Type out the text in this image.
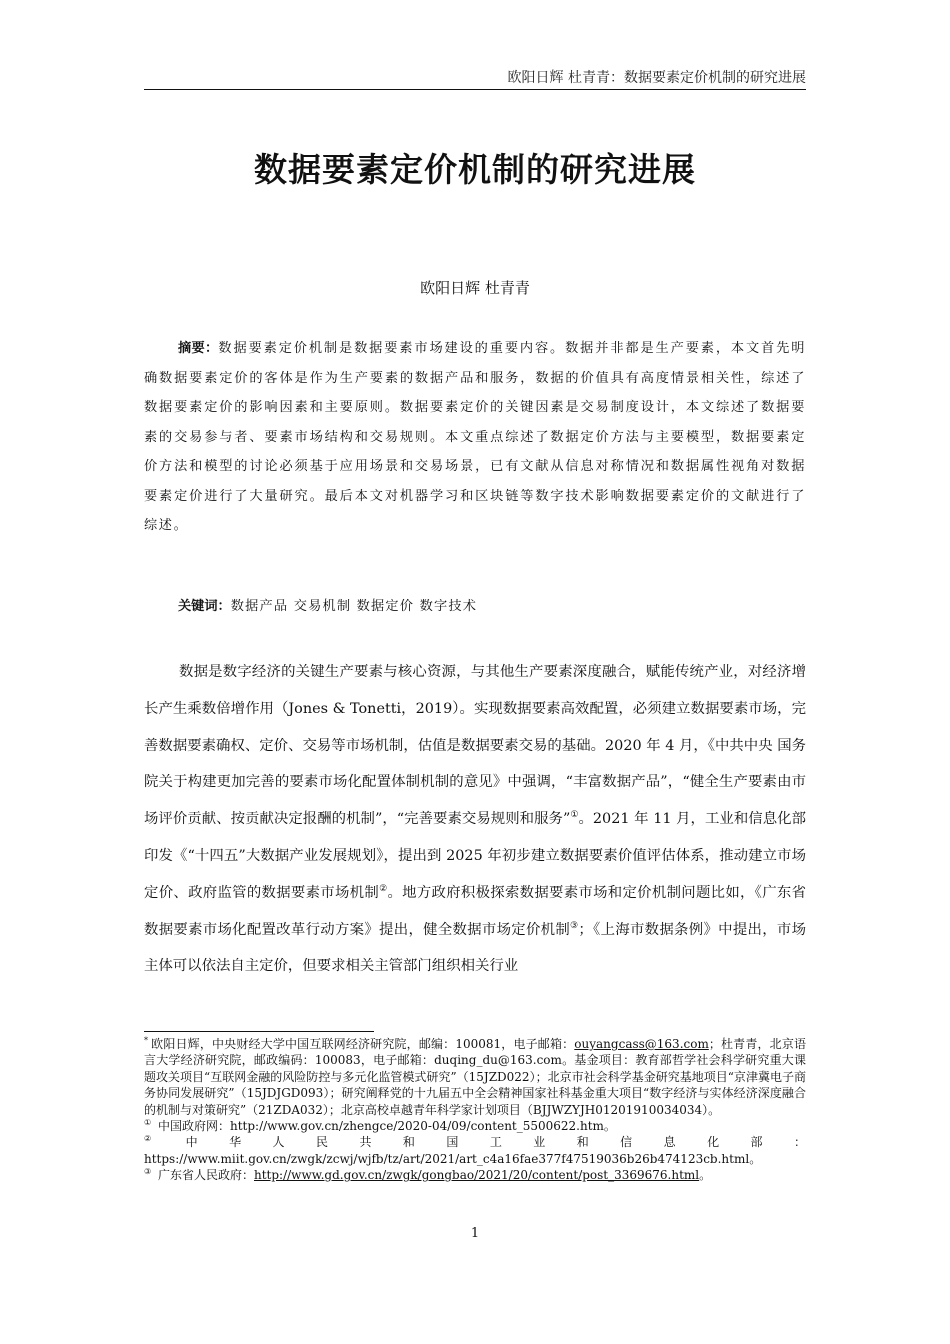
欧阳日辉 杜青青：数据要素定价机制的研究进展
数据要素定价机制的研究进展
欧阳日辉 杜青青

摘要：数据要素定价机制是数据要素市场建设的重要内容。数据并非都是生产要素，本文首先明确数据要素定价的客体是作为生产要素的数据产品和服务，数据的价值具有高度情景相关性，综述了数据要素定价的影响因素和主要原则。数据要素定价的关键因素是交易制度设计，本文综述了数据要素的交易参与者、要素市场结构和交易规则。本文重点综述了数据定价方法与主要模型，数据要素定价方法和模型的讨论必须基于应用场景和交易场景，已有文献从信息对称情况和数据属性视角对数据要素定价进行了大量研究。最后本文对机器学习和区块链等数字技术影响数据要素定价的文献进行了综述。

关键词：数据产品 交易机制 数据定价 数字技术

数据是数字经济的关键生产要素与核心资源，与其他生产要素深度融合，赋能传统产业，对经济增长产生乘数倍增作用（Jones & Tonetti，2019）。实现数据要素高效配置，必须建立数据要素市场，完善数据要素确权、定价、交易等市场机制，估值是数据要素交易的基础。2020 年 4 月，《中共中央 国务院关于构建更加完善的要素市场化配置体制机制的意见》中强调，“丰富数据产品”，“健全生产要素由市场评价贡献、按贡献决定报酬的机制”，“完善要素交易规则和服务”①。2021 年 11 月，工业和信息化部印发《“十四五”大数据产业发展规划》，提出到 2025 年初步建立数据要素价值评估体系，推动建立市场定价、政府监管的数据要素市场机制②。地方政府积极探索数据要素市场和定价机制问题比如，《广东省数据要素市场化配置改革行动方案》提出，健全数据市场定价机制③；《上海市数据条例》中提出，市场主体可以依法自主定价，但要求相关主管部门组织相关行业

* 欧阳日辉，中央财经大学中国互联网经济研究院，邮编：100081，电子邮箱：ouyangcass@163.com；杜青青，北京语言大学经济研究院，邮政编码：100083，电子邮箱：duqing_du@163.com。基金项目：教育部哲学社会科学研究重大课题攻关项目“互联网金融的风险防控与多元化监管模式研究”（15JZD022）；北京市社会科学基金研究基地项目“京津冀电子商务协同发展研究”（15JDJGD093）；研究阐释党的十九届五中全会精神国家社科基金重大项目“数字经济与实体经济深度融合的机制与对策研究”（21ZDA032）；北京高校卓越青年科学家计划项目（BJJWZYJH01201910034034）。

① 中国政府网：http://www.gov.cn/zhengce/2020-04/09/content_5500622.htm。

② 中华人民共和国工业和信息化部：https://www.miit.gov.cn/zwgk/zcwj/wjfb/tz/art/2021/art_c4a16fae377f47519036b26b474123cb.html。

③ 广东省人民政府：http://www.gd.gov.cn/zwgk/gongbao/2021/20/content/post_3369676.html。

1
